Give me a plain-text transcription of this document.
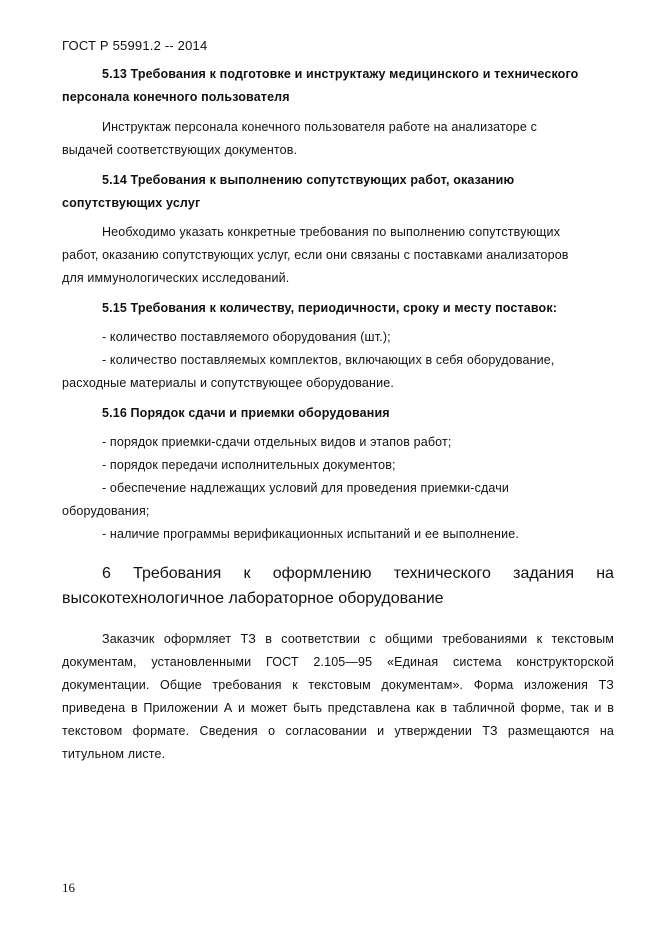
ГОСТ Р 55991.2 -- 2014

5.13 Требования к подготовке и инструктажу медицинского и технического

персонала конечного пользователя

Инструктаж персонала конечного пользователя работе на анализаторе с

выдачей соответствующих документов.

5.14 Требования к выполнению сопутствующих работ, оказанию

сопутствующих услуг

Необходимо указать конкретные требования по выполнению сопутствующих

работ, оказанию сопутствующих услуг, если они связаны с поставками анализаторов

для иммунологических исследований.

5.15 Требования к количеству, периодичности, сроку и месту поставок:

- количество поставляемого оборудования (шт.);

- количество поставляемых комплектов, включающих в себя оборудование,

расходные материалы и сопутствующее оборудование.

5.16 Порядок сдачи и приемки оборудования

- порядок приемки-сдачи отдельных видов и этапов работ;

- порядок передачи исполнительных документов;

- обеспечение надлежащих условий для проведения приемки-сдачи

оборудования;

- наличие программы верификационных испытаний и ее выполнение.

6 Требования к оформлению технического задания на
высокотехнологичное лабораторное оборудование
Заказчик оформляет ТЗ в соответствии с общими требованиями к текстовым
документам, установленными ГОСТ 2.105—95 «Единая система конструкторской
документации. Общие требования к текстовым документам». Форма изложения ТЗ
приведена в Приложении А и может быть представлена как в табличной форме, так и в
текстовом формате. Сведения о согласовании и утверждении ТЗ размещаются на
титульном листе.
16
